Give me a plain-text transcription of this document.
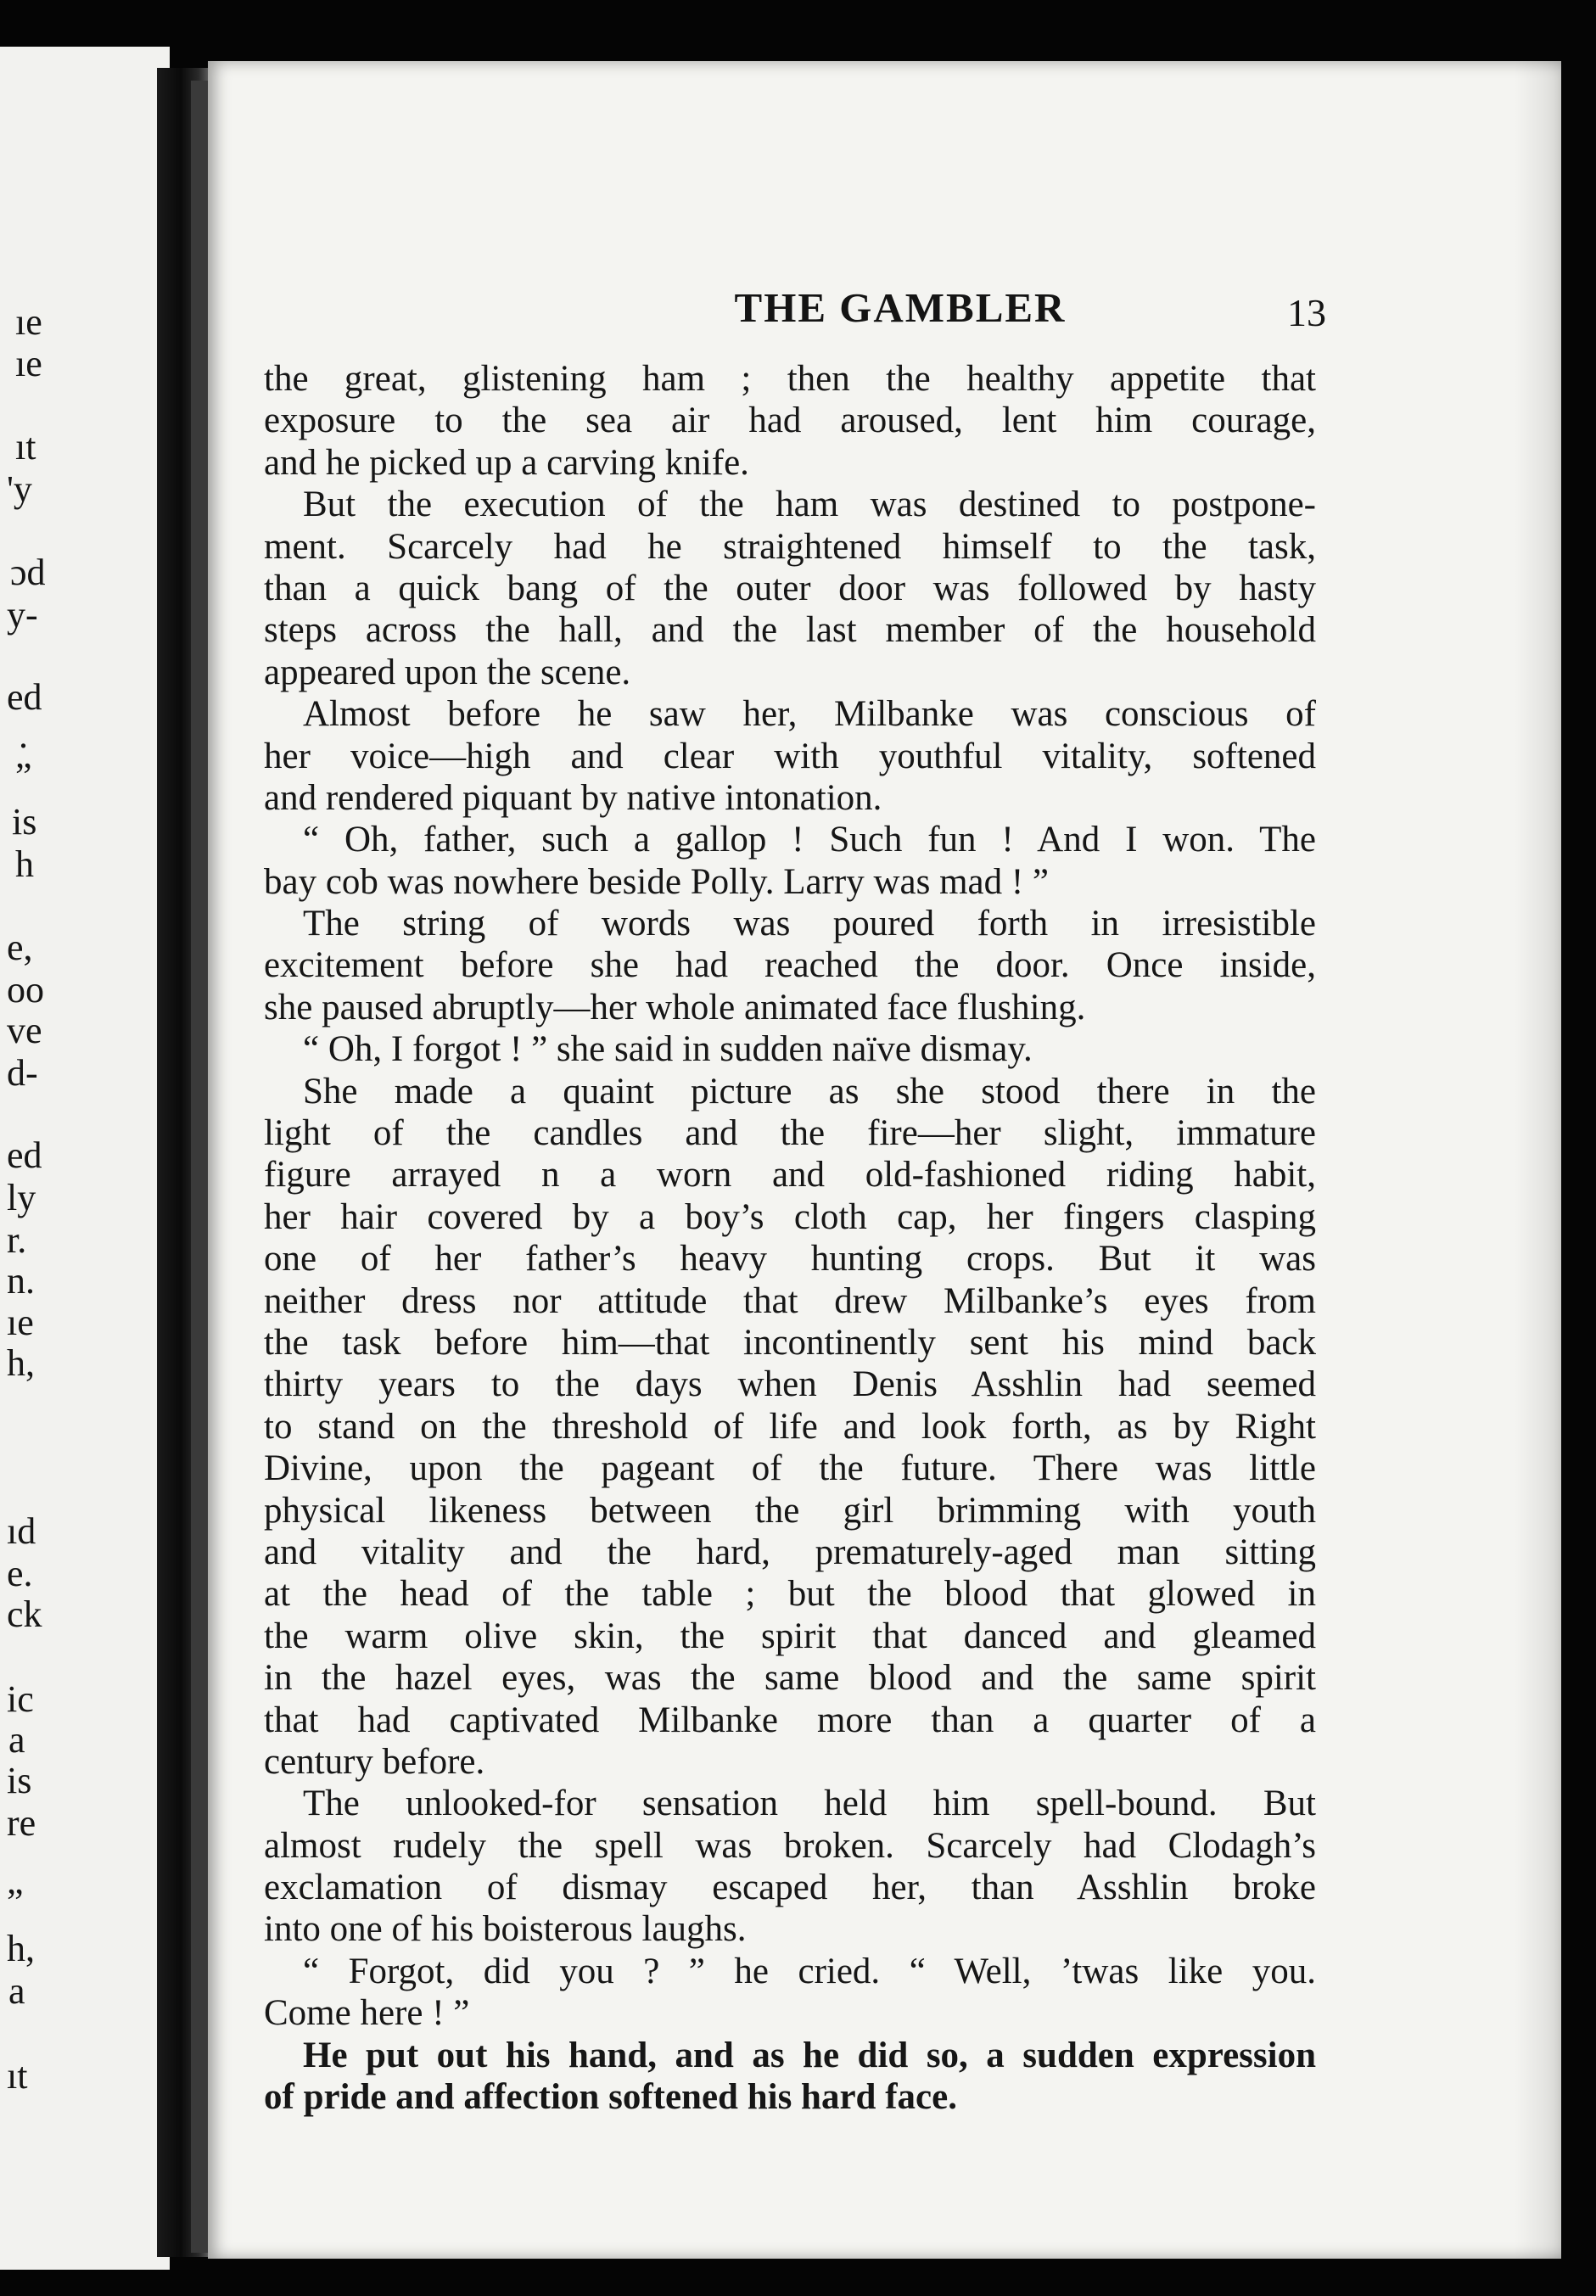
ıe
ıe
ıt
'y
ɔd
y-
ed
.
”
is
h
e,
oo
ve
d-
ed
ly
r.
n.
ıe
h,
ıd
e.
ck
ic
a
is
re
”
h,
a
ıt
THE GAMBLER	13
the great, glistening ham ; then the healthy appetite that
exposure to the sea air had aroused, lent him courage,
and he picked up a carving knife.
But the execution of the ham was destined to postpone-
ment. Scarcely had he straightened himself to the task,
than a quick bang of the outer door was followed by hasty
steps across the hall, and the last member of the household
appeared upon the scene.
Almost before he saw her, Milbanke was conscious of
her voice—high and clear with youthful vitality, softened
and rendered piquant by native intonation.
“ Oh, father, such a gallop ! Such fun ! And I won. The
bay cob was nowhere beside Polly. Larry was mad ! ”
The string of words was poured forth in irresistible
excitement before she had reached the door. Once inside,
she paused abruptly—her whole animated face flushing.
“ Oh, I forgot ! ” she said in sudden naïve dismay.
She made a quaint picture as she stood there in the
light of the candles and the fire—her slight, immature
figure arrayed n a worn and old-fashioned riding habit,
her hair covered by a boy’s cloth cap, her fingers clasping
one of her father’s heavy hunting crops. But it was
neither dress nor attitude that drew Milbanke’s eyes from
the task before him—that incontinently sent his mind back
thirty years to the days when Denis Asshlin had seemed
to stand on the threshold of life and look forth, as by Right
Divine, upon the pageant of the future. There was little
physical likeness between the girl brimming with youth
and vitality and the hard, prematurely-aged man sitting
at the head of the table ; but the blood that glowed in
the warm olive skin, the spirit that danced and gleamed
in the hazel eyes, was the same blood and the same spirit
that had captivated Milbanke more than a quarter of a
century before.
The unlooked-for sensation held him spell-bound. But
almost rudely the spell was broken. Scarcely had Clodagh’s
exclamation of dismay escaped her, than Asshlin broke
into one of his boisterous laughs.
“ Forgot, did you ? ” he cried. “ Well, ’twas like you.
Come here ! ”
He put out his hand, and as he did so, a sudden expression
of pride and affection softened his hard face.
